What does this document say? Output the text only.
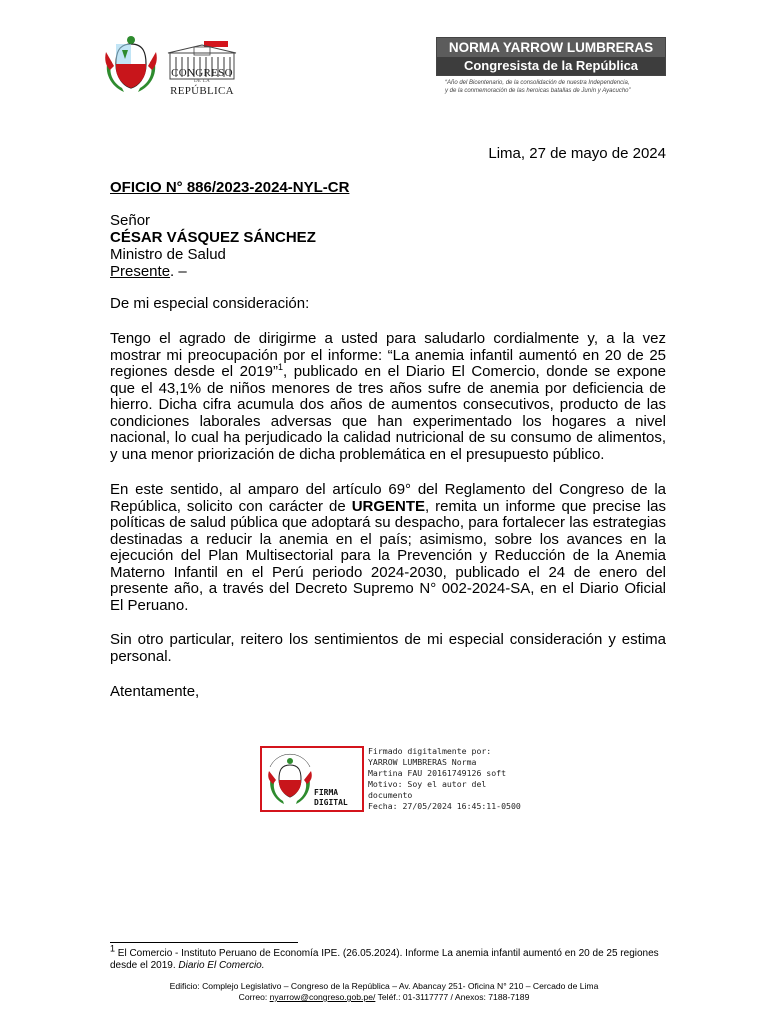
CONGRESO
DE LA
REPÚBLICA
NORMA YARROW LUMBRERAS
Congresista de la República
“Año del Bicentenario, de la consolidación de nuestra Independencia,
y de la conmemoración de las heroicas batallas de Junín y Ayacucho”
Lima, 27 de mayo de 2024
OFICIO N° 886/2023-2024-NYL-CR
Señor
CÉSAR VÁSQUEZ SÁNCHEZ
Ministro de Salud
Presente. –
De mi especial consideración:
Tengo el agrado de dirigirme a usted para saludarlo cordialmente y, a la vez mostrar mi preocupación por el informe: “La anemia infantil aumentó en 20 de 25 regiones desde el 2019”$^1$, publicado en el Diario El Comercio, donde se expone que el 43,1% de niños menores de tres años sufre de anemia por deficiencia de hierro. Dicha cifra acumula dos años de aumentos consecutivos, producto de las condiciones laborales adversas que han experimentado los hogares a nivel nacional, lo cual ha perjudicado la calidad nutricional de su consumo de alimentos, y una menor priorización de dicha problemática en el presupuesto público.
En este sentido, al amparo del artículo 69° del Reglamento del Congreso de la República, solicito con carácter de URGENTE, remita un informe que precise las políticas de salud pública que adoptará su despacho, para fortalecer las estrategias destinadas a reducir la anemia en el país; asimismo, sobre los avances en la ejecución del Plan Multisectorial para la Prevención y Reducción de la Anemia Materno Infantil en el Perú periodo 2024-2030, publicado el 24 de enero del presente año, a través del Decreto Supremo N° 002-2024-SA, en el Diario Oficial El Peruano.
Sin otro particular, reitero los sentimientos de mi especial consideración y estima personal.
Atentamente,
FIRMA
DIGITAL
Firmado digitalmente por:
YARROW LUMBRERAS Norma
Martina FAU 20161749126 soft
Motivo: Soy el autor del
documento
Fecha: 27/05/2024 16:45:11-0500
$^1$ El Comercio - Instituto Peruano de Economía IPE. (26.05.2024). Informe La anemia infantil aumentó en 20 de 25 regiones desde el 2019. Diario El Comercio.
Edificio: Complejo Legislativo – Congreso de la República – Av. Abancay 251- Oficina N° 210 – Cercado de Lima
Correo: nyarrow@congreso.gob.pe/ Teléf.: 01-3117777 / Anexos: 7188-7189
